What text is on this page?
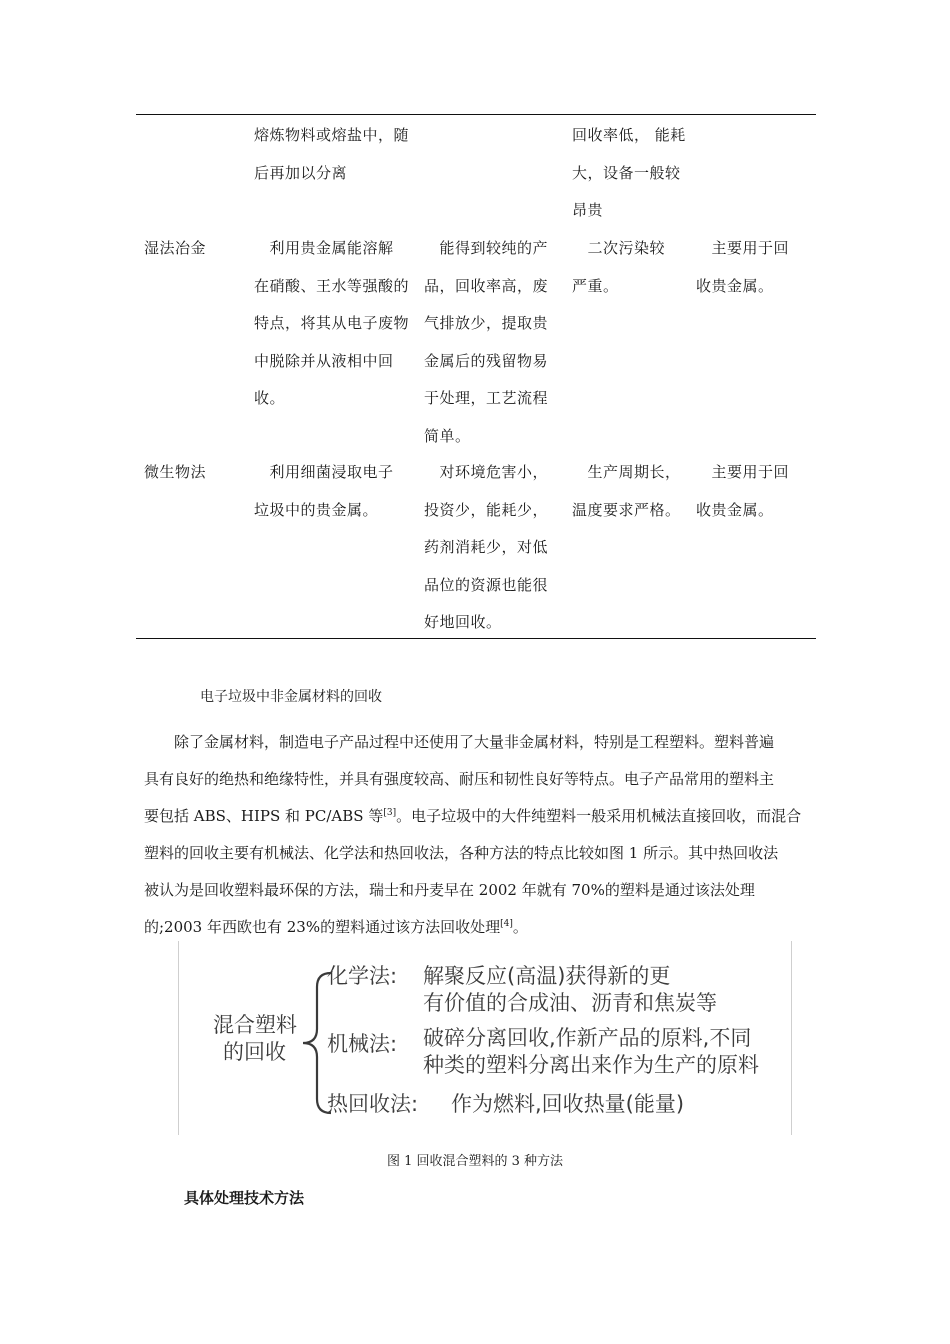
熔炼物料或熔盐中，随
后再加以分离
回收率低， 能耗
大，设备一般较
昂贵
湿法冶金	　利用贵金属能溶解
在硝酸、王水等强酸的
特点，将其从电子废物
中脱除并从液相中回
收。
　能得到较纯的产
品，回收率高，废
气排放少，提取贵
金属后的残留物易
于处理，工艺流程
简单。
　二次污染较
严重。
　主要用于回
收贵金属。
微生物法	　利用细菌浸取电子
垃圾中的贵金属。
　对环境危害小，
投资少，能耗少，
药剂消耗少，对低
品位的资源也能很
好地回收。
　生产周期长，
温度要求严格。
　主要用于回
收贵金属。
电子垃圾中非金属材料的回收
　　除了金属材料，制造电子产品过程中还使用了大量非金属材料，特别是工程塑料。塑料普遍
具有良好的绝热和绝缘特性，并具有强度较高、耐压和韧性良好等特点。电子产品常用的塑料主
要包括 ABS、HIPS 和 PC/ABS 等[3]。电子垃圾中的大件纯塑料一般采用机械法直接回收，而混合
塑料的回收主要有机械法、化学法和热回收法，各种方法的特点比较如图 1 所示。其中热回收法
被认为是回收塑料最环保的方法，瑞士和丹麦早在 2002 年就有 70%的塑料是通过该法处理
的;2003 年西欧也有 23%的塑料通过该方法回收处理[4]。
混合塑料
的回收
化学法: 解聚反应(高温)获得新的更
有价值的合成油、沥青和焦炭等
机械法: 破碎分离回收,作新产品的原料,不同
种类的塑料分离出来作为生产的原料
热回收法: 作为燃料,回收热量(能量)
图 1 回收混合塑料的 3 种方法
具体处理技术方法
